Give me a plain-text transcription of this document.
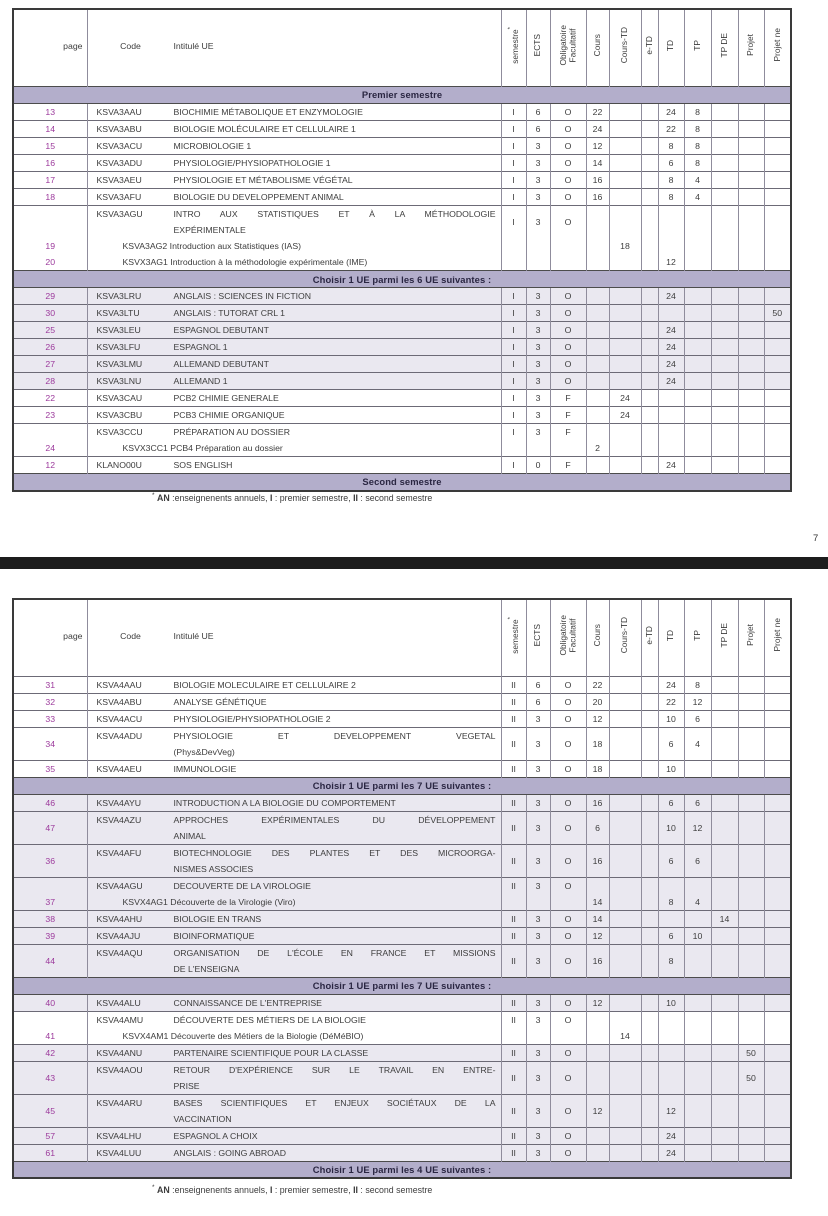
page	Code	Intitulé UE	semestre*	ECTS	Obligatoire
Facultatif	Cours	Cours-TD	e-TD	TD	TP	TP DE	Projet	Projet ne
Premier semestre												
13	KSVA3AAU BIOCHIMIE MÉTABOLIQUE ET ENZYMOLOGIE	I	6	O	22			24	8			
14	KSVA3ABU BIOLOGIE MOLÉCULAIRE ET CELLULAIRE 1	I	6	O	24			22	8			
15	KSVA3ACU MICROBIOLOGIE 1	I	3	O	12			8	8			
16	KSVA3ADU PHYSIOLOGIE/PHYSIOPATHOLOGIE 1	I	3	O	14			6	8			
17	KSVA3AEU PHYSIOLOGIE ET MÉTABOLISME VÉGÉTAL	I	3	O	16			8	4			
18	KSVA3AFU BIOLOGIE DU DEVELOPPEMENT ANIMAL	I	3	O	16			8	4			

	KSVA3AGU INTRO AUX STATISTIQUES ET À LA MÉTHODOLOGIE
EXPÉRIMENTALE	I	3	O								
19	KSVA3AG2 Introduction aux Statistiques (IAS)					18						
20	KSVX3AG1 Introduction à la méthodologie expérimentale (IME)							12				
Choisir 1 UE parmi les 6 UE suivantes :												
29	KSVA3LRU ANGLAIS : SCIENCES IN FICTION	I	3	O				24				
30	KSVA3LTU ANGLAIS : TUTORAT CRL 1	I	3	O								50
25	KSVA3LEU ESPAGNOL DEBUTANT	I	3	O				24				
26	KSVA3LFU ESPAGNOL 1	I	3	O				24				
27	KSVA3LMU ALLEMAND DEBUTANT	I	3	O				24				
28	KSVA3LNU ALLEMAND 1	I	3	O				24				
22	KSVA3CAU PCB2 CHIMIE GENERALE	I	3	F		24						
23	KSVA3CBU PCB3 CHIMIE ORGANIQUE	I	3	F		24						

	KSVA3CCU PRÉPARATION AU DOSSIER	I	3	F								
24	KSVX3CC1 PCB4 Préparation au dossier				2							
12	KLANO00U SOS ENGLISH	I	0	F				24				
Second semestre												
* AN :enseignenents annuels, I : premier semestre, II : second semestre
7
page	Code	Intitulé UE	semestre*	ECTS	Obligatoire
Facultatif	Cours	Cours-TD	e-TD	TD	TP	TP DE	Projet	Projet ne
31	KSVA4AAU BIOLOGIE MOLECULAIRE ET CELLULAIRE 2	II	6	O	22			24	8			
32	KSVA4ABU ANALYSE GÉNÉTIQUE	II	6	O	20			22	12			
33	KSVA4ACU PHYSIOLOGIE/PHYSIOPATHOLOGIE 2	II	3	O	12			10	6			
34	KSVA4ADU PHYSIOLOGIE ET DEVELOPPEMENT VEGETAL
(Phys&DevVeg)	II	3	O	18			6	4			
35	KSVA4AEU IMMUNOLOGIE	II	3	O	18			10				
Choisir 1 UE parmi les 7 UE suivantes :												
46	KSVA4AYU INTRODUCTION A LA BIOLOGIE DU COMPORTEMENT	II	3	O	16			6	6			
47	KSVA4AZU APPROCHES EXPÉRIMENTALES DU DÉVELOPPEMENT
ANIMAL	II	3	O	6			10	12			
36	KSVA4AFU BIOTECHNOLOGIE DES PLANTES ET DES MICROORGA-
NISMES ASSOCIES	II	3	O	16			6	6			

	KSVA4AGU DECOUVERTE DE LA VIROLOGIE	II	3	O								
37	KSVX4AG1 Découverte de la Virologie (Viro)				14			8	4			
38	KSVA4AHU BIOLOGIE EN TRANS	II	3	O	14					14		
39	KSVA4AJU BIOINFORMATIQUE	II	3	O	12			6	10			
44	KSVA4AQU ORGANISATION DE L'ÉCOLE EN FRANCE ET MISSIONS
DE L'ENSEIGNA	II	3	O	16			8				
Choisir 1 UE parmi les 7 UE suivantes :												
40	KSVA4ALU CONNAISSANCE DE L'ENTREPRISE	II	3	O	12			10				

	KSVA4AMU DÉCOUVERTE DES MÉTIERS DE LA BIOLOGIE	II	3	O								
41	KSVX4AM1 Découverte des Métiers de la Biologie (DéMéBIO)					14						
42	KSVA4ANU PARTENAIRE SCIENTIFIQUE POUR LA CLASSE	II	3	O							50	
43	KSVA4AOU RETOUR D'EXPÉRIENCE SUR LE TRAVAIL EN ENTRE-
PRISE	II	3	O							50	
45	KSVA4ARU BASES SCIENTIFIQUES ET ENJEUX SOCIÉTAUX DE LA
VACCINATION	II	3	O	12			12				
57	KSVA4LHU ESPAGNOL A CHOIX	II	3	O				24				
61	KSVA4LUU ANGLAIS : GOING ABROAD	II	3	O				24				
Choisir 1 UE parmi les 4 UE suivantes :												
* AN :enseignenents annuels, I : premier semestre, II : second semestre
